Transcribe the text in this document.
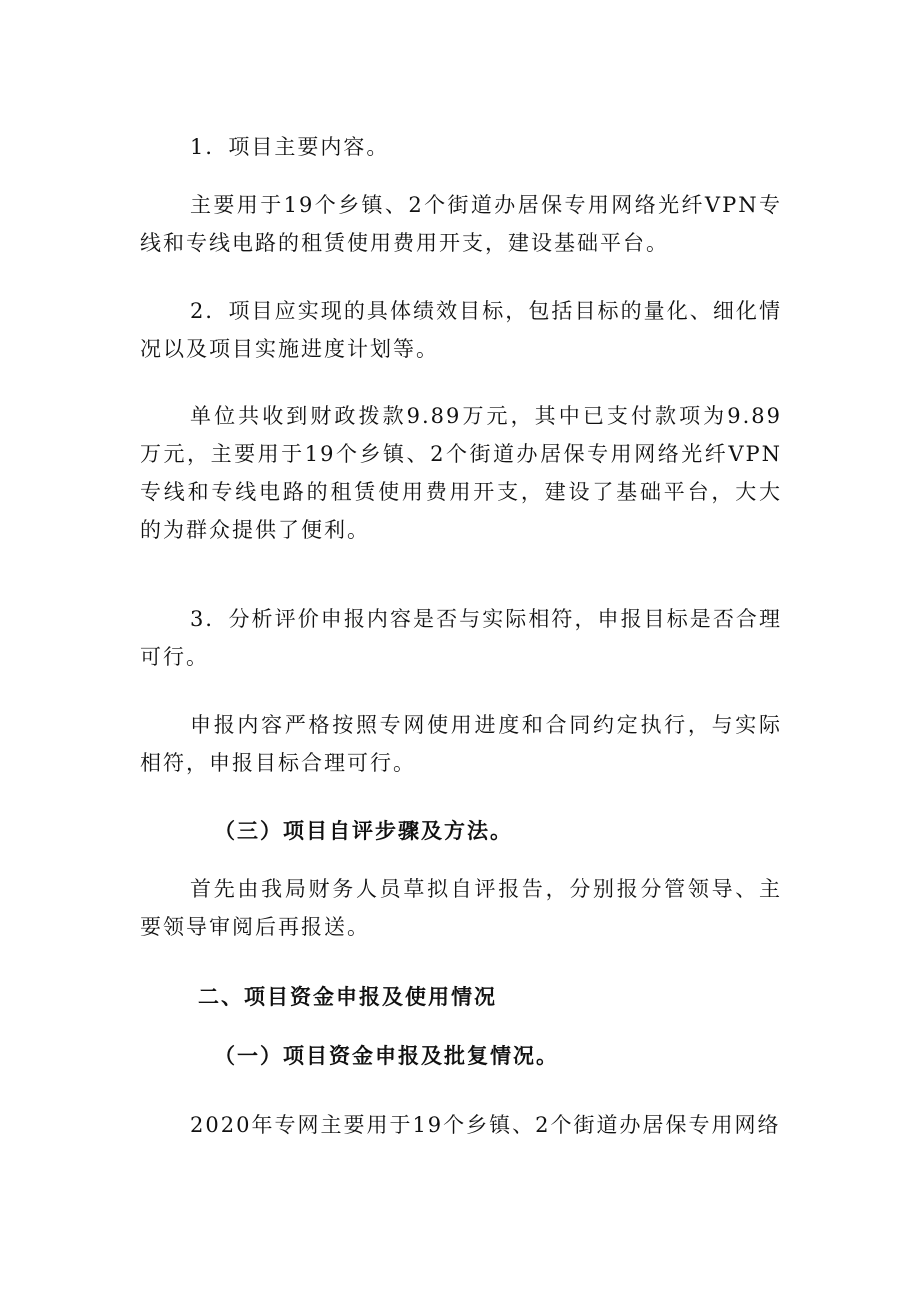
1．项目主要内容。

主要用于19个乡镇、2个街道办居保专用网络光纤VPN专线和专线电路的租赁使用费用开支，建设基础平台。

2．项目应实现的具体绩效目标，包括目标的量化、细化情况以及项目实施进度计划等。

单位共收到财政拨款9.89万元，其中已支付款项为9.89万元，主要用于19个乡镇、2个街道办居保专用网络光纤VPN专线和专线电路的租赁使用费用开支，建设了基础平台，大大的为群众提供了便利。

3．分析评价申报内容是否与实际相符，申报目标是否合理可行。

申报内容严格按照专网使用进度和合同约定执行，与实际相符，申报目标合理可行。

（三）项目自评步骤及方法。

首先由我局财务人员草拟自评报告，分别报分管领导、主要领导审阅后再报送。

二、项目资金申报及使用情况

（一）项目资金申报及批复情况。

2020年专网主要用于19个乡镇、2个街道办居保专用网络
